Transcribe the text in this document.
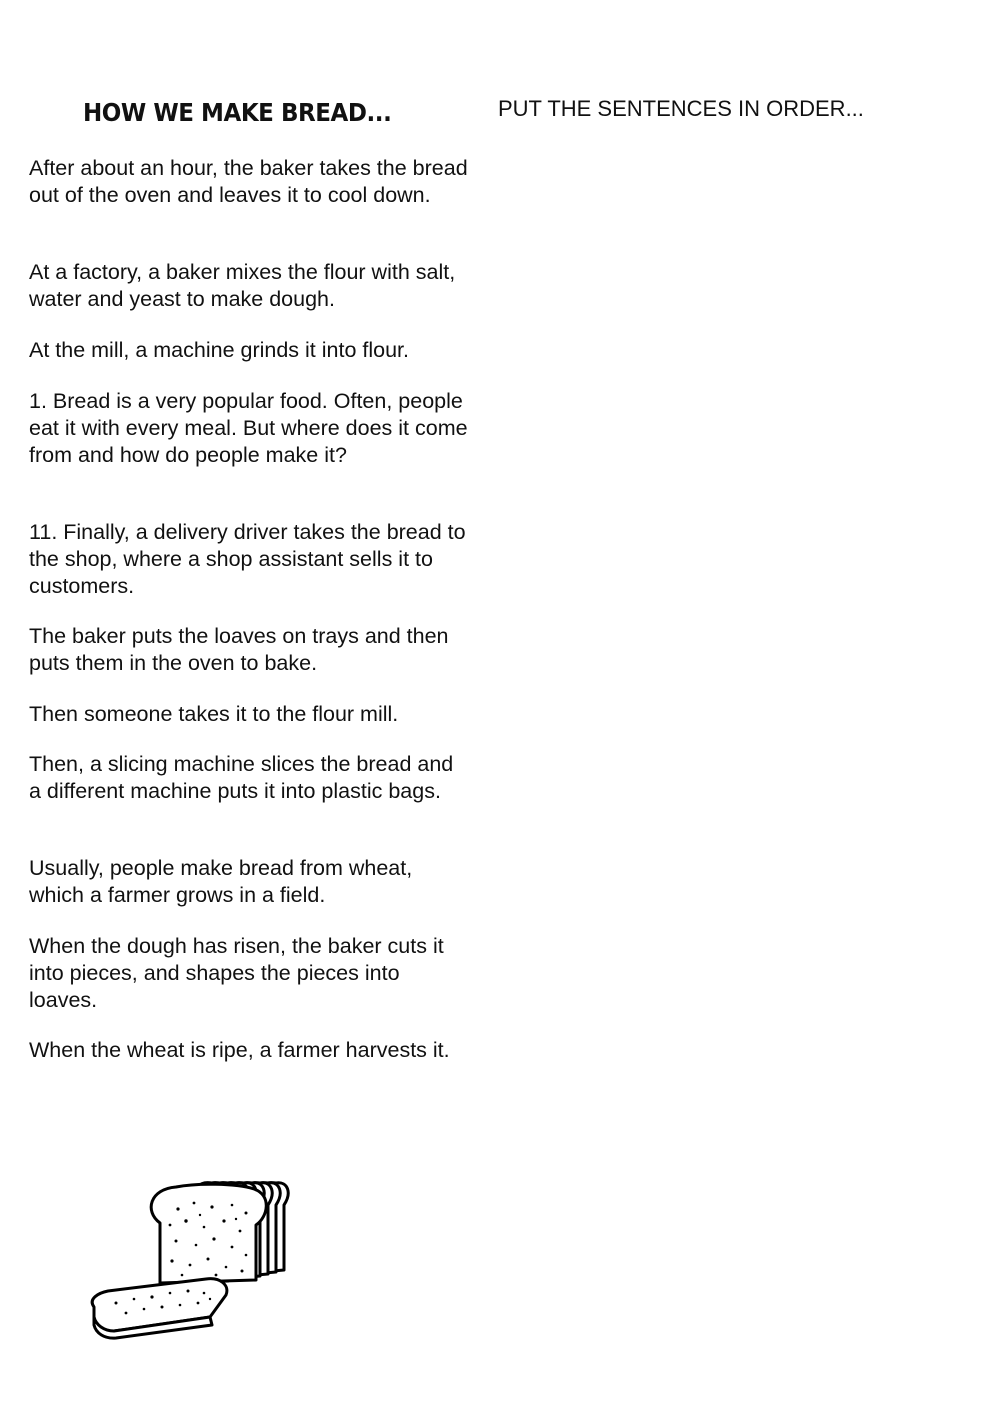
HOW WE MAKE BREAD...	PUT THE SENTENCES IN ORDER...

After about an hour, the baker takes the bread out of the oven and leaves it to cool down.

At a factory, a baker mixes the flour with salt, water and yeast to make dough.

At the mill, a machine grinds it into flour.

1. Bread is a very popular food. Often, people eat it with every meal. But where does it come from and how do people make it?

11. Finally, a delivery driver takes the bread to the shop, where a shop assistant sells it to customers.

The baker puts the loaves on trays and then puts them in the oven to bake.

Then someone takes it to the flour mill.

Then, a slicing machine slices the bread and a different machine puts it into plastic bags.

Usually, people make bread from wheat, which a farmer grows in a field.

When the dough has risen, the baker cuts it into pieces, and shapes the pieces into loaves.

When the wheat is ripe, a farmer harvests it.
